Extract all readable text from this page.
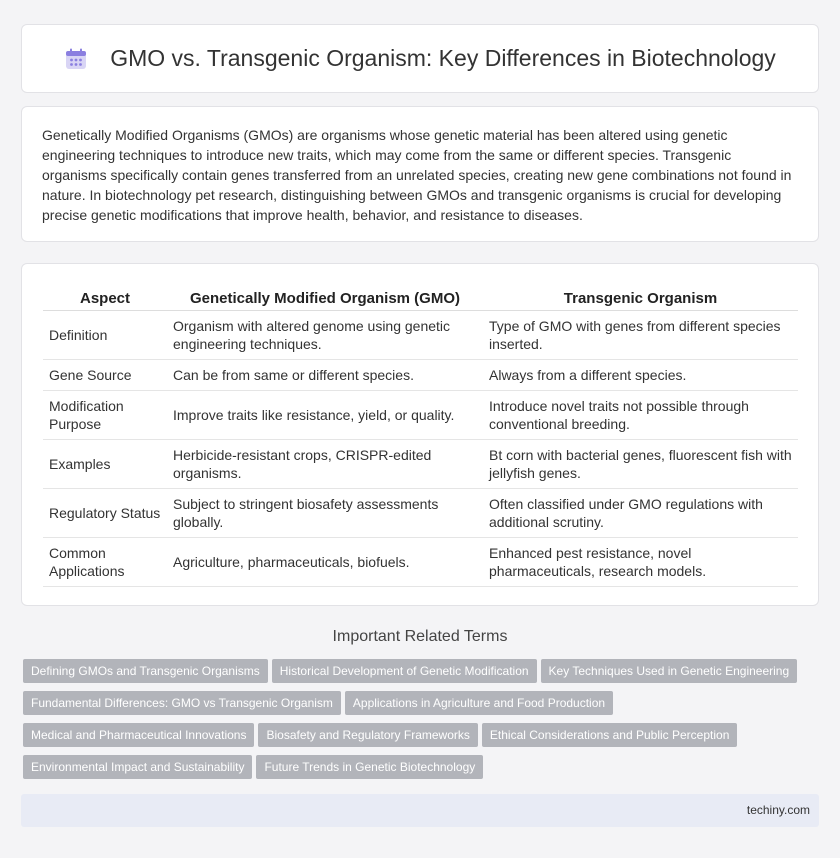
GMO vs. Transgenic Organism: Key Differences in Biotechnology

Genetically Modified Organisms (GMOs) are organisms whose genetic material has been altered using genetic engineering techniques to introduce new traits, which may come from the same or different species. Transgenic organisms specifically contain genes transferred from an unrelated species, creating new gene combinations not found in nature. In biotechnology pet research, distinguishing between GMOs and transgenic organisms is crucial for developing precise genetic modifications that improve health, behavior, and resistance to diseases.

Aspect	Genetically Modified Organism (GMO)	Transgenic Organism
Definition	Organism with altered genome using genetic engineering techniques.	Type of GMO with genes from different species inserted.
Gene Source	Can be from same or different species.	Always from a different species.
Modification Purpose	Improve traits like resistance, yield, or quality.	Introduce novel traits not possible through conventional breeding.
Examples	Herbicide-resistant crops, CRISPR-edited organisms.	Bt corn with bacterial genes, fluorescent fish with jellyfish genes.
Regulatory Status	Subject to stringent biosafety assessments globally.	Often classified under GMO regulations with additional scrutiny.
Common Applications	Agriculture, pharmaceuticals, biofuels.	Enhanced pest resistance, novel pharmaceuticals, research models.
Important Related Terms
Defining GMOs and Transgenic Organisms Historical Development of Genetic Modification Key Techniques Used in Genetic Engineering
Fundamental Differences: GMO vs Transgenic Organism Applications in Agriculture and Food Production
Medical and Pharmaceutical Innovations Biosafety and Regulatory Frameworks Ethical Considerations and Public Perception
Environmental Impact and Sustainability Future Trends in Genetic Biotechnology
techiny.com
